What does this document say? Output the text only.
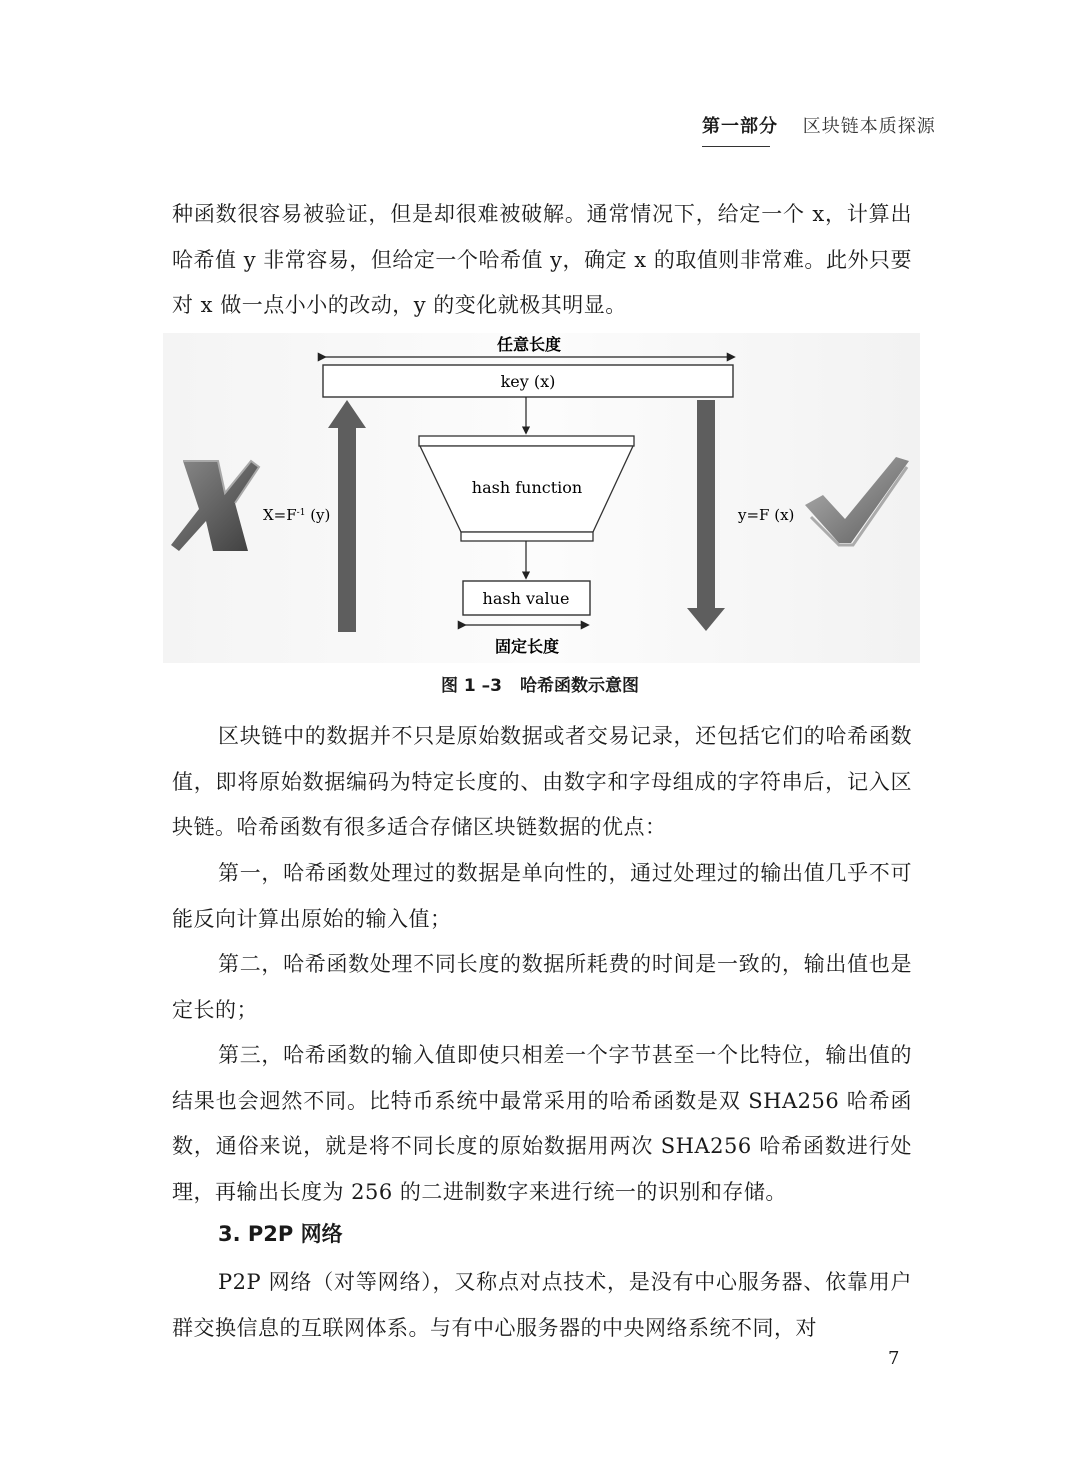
第一部分 区块链本质探源
种函数很容易被验证，但是却很难被破解。通常情况下，给定一个 x，计算出哈希值 y 非常容易，但给定一个哈希值 y，确定 x 的取值则非常难。此外只要对 x 做一点小小的改动，y 的变化就极其明显。
任意长度
key (x)
hash function
hash value
固定长度
$X=F^{-1}$ (y)	y=F (x)
图 1 –3 哈希函数示意图
区块链中的数据并不只是原始数据或者交易记录，还包括它们的哈希函数值，即将原始数据编码为特定长度的、由数字和字母组成的字符串后，记入区块链。哈希函数有很多适合存储区块链数据的优点：
第一，哈希函数处理过的数据是单向性的，通过处理过的输出值几乎不可能反向计算出原始的输入值；
第二，哈希函数处理不同长度的数据所耗费的时间是一致的，输出值也是定长的；
第三，哈希函数的输入值即使只相差一个字节甚至一个比特位，输出值的结果也会迥然不同。比特币系统中最常采用的哈希函数是双 SHA256 哈希函数，通俗来说，就是将不同长度的原始数据用两次 SHA256 哈希函数进行处理，再输出长度为 256 的二进制数字来进行统一的识别和存储。
3. P2P 网络
P2P 网络（对等网络），又称点对点技术，是没有中心服务器、依靠用户群交换信息的互联网体系。与有中心服务器的中央网络系统不同，对
7
